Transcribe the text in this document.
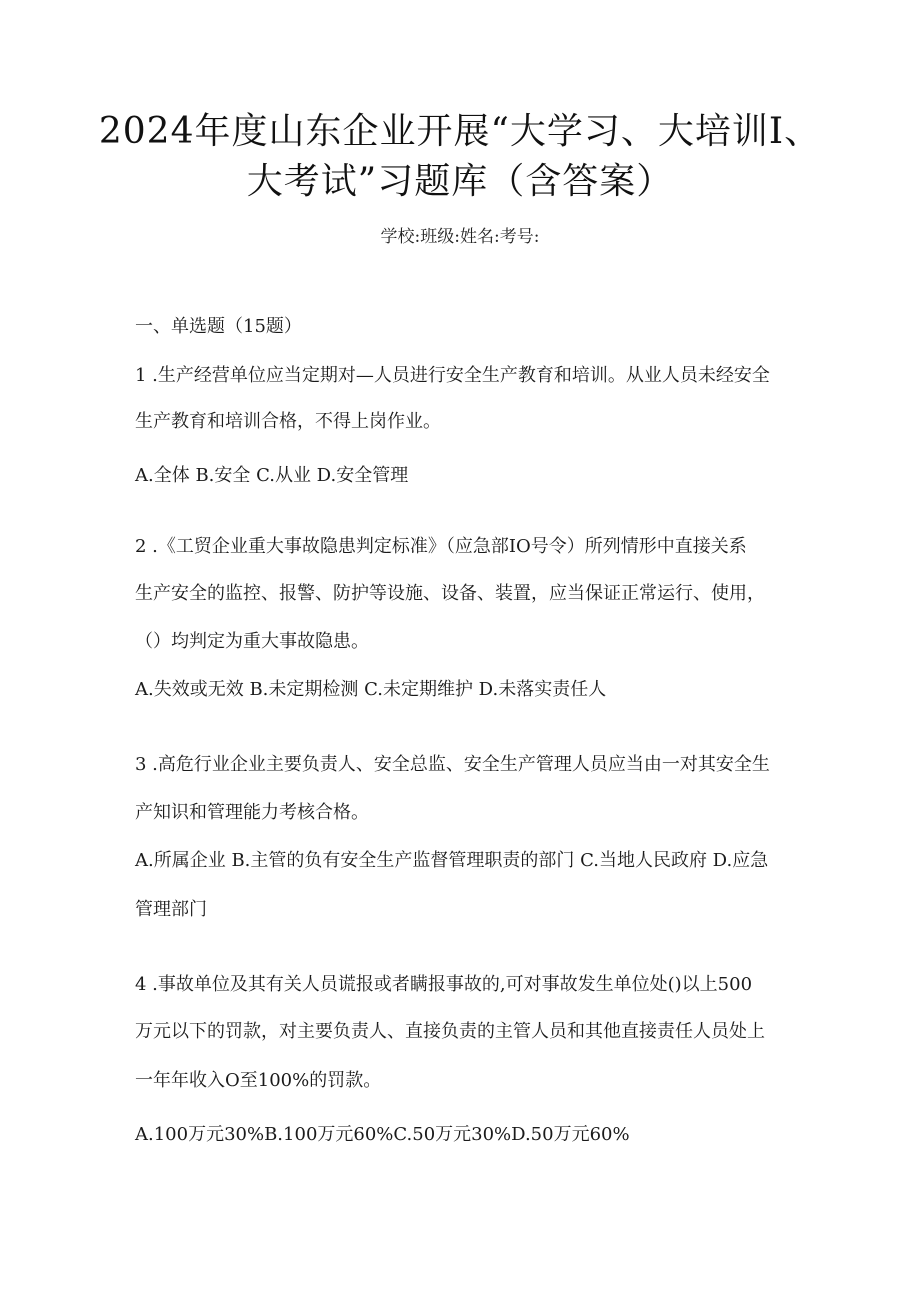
2024年度山东企业开展“大学习、大培训I、
大考试”习题库（含答案）
学校:班级:姓名:考号:
一、单选题（15题）
1 .生产经营单位应当定期对—人员进行安全生产教育和培训。从业人员未经安全
生产教育和培训合格，不得上岗作业。
A.全体 B.安全 C.从业 D.安全管理
2 .《工贸企业重大事故隐患判定标准》（应急部IO号令）所列情形中直接关系
生产安全的监控、报警、防护等设施、设备、装置，应当保证正常运行、使用，
（）均判定为重大事故隐患。
A.失效或无效 B.未定期检测 C.未定期维护 D.未落实责任人
3 .高危行业企业主要负责人、安全总监、安全生产管理人员应当由一对其安全生
产知识和管理能力考核合格。
A.所属企业 B.主管的负有安全生产监督管理职责的部门 C.当地人民政府 D.应急
管理部门
4 .事故单位及其有关人员谎报或者瞒报事故的,可对事故发生单位处()以上500
万元以下的罚款，对主要负责人、直接负责的主管人员和其他直接责任人员处上
一年年收入O至100%的罚款。
A.100万元30%B.100万元60%C.50万元30%D.50万元60%
